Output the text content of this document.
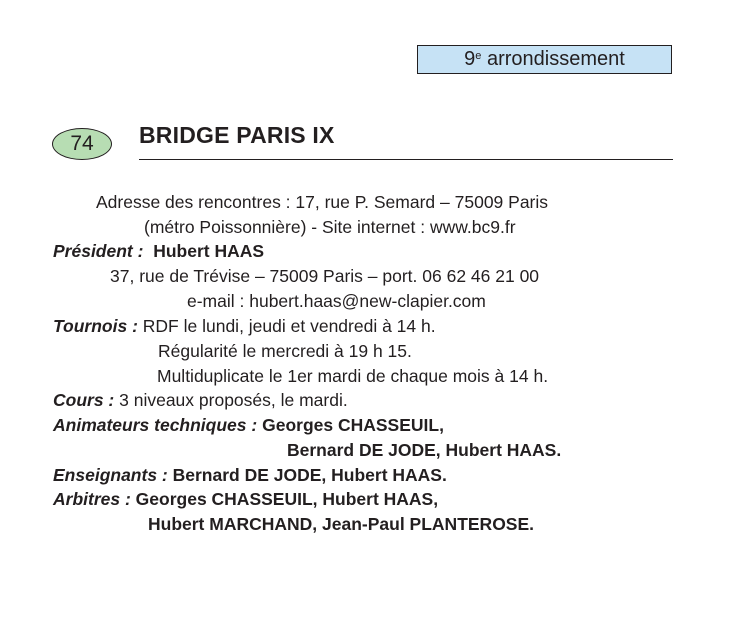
9e arrondissement
74	BRIDGE PARIS IX
Adresse des rencontres : 17, rue P. Semard – 75009 Paris
(métro Poissonnière) - Site internet : www.bc9.fr
Président : Hubert HAAS
37, rue de Trévise – 75009 Paris – port. 06 62 46 21 00
e-mail : hubert.haas@new-clapier.com
Tournois : RDF le lundi, jeudi et vendredi à 14 h.
Régularité le mercredi à 19 h 15.
Multiduplicate le 1er mardi de chaque mois à 14 h.
Cours : 3 niveaux proposés, le mardi.
Animateurs techniques : Georges CHASSEUIL,
Bernard DE JODE, Hubert HAAS.
Enseignants : Bernard DE JODE, Hubert HAAS.
Arbitres : Georges CHASSEUIL, Hubert HAAS,
Hubert MARCHAND, Jean-Paul PLANTEROSE.
